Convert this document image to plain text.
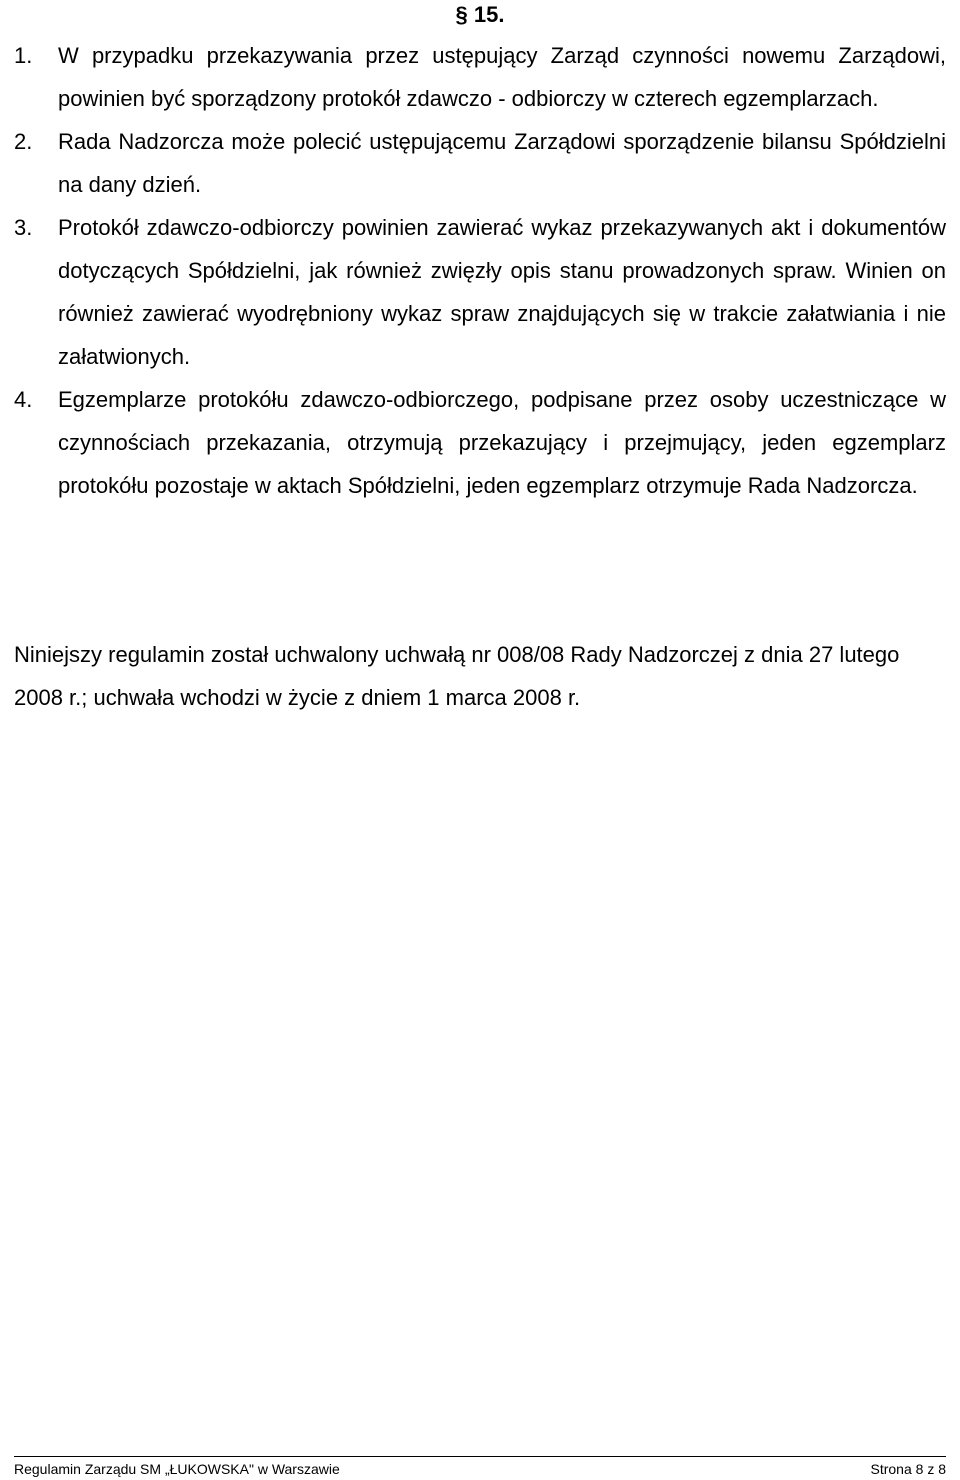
§ 15.
1. W przypadku przekazywania przez ustępujący Zarząd czynności nowemu Zarządowi, powinien być sporządzony protokół zdawczo - odbiorczy w czterech egzemplarzach.
2. Rada Nadzorcza może polecić ustępującemu Zarządowi sporządzenie bilansu Spółdzielni na dany dzień.
3. Protokół zdawczo-odbiorczy powinien zawierać wykaz przekazywanych akt i dokumentów dotyczących Spółdzielni, jak również zwięzły opis stanu prowadzonych spraw. Winien on również zawierać wyodrębniony wykaz spraw znajdujących się w trakcie załatwiania i nie załatwionych.
4. Egzemplarze protokółu zdawczo-odbiorczego, podpisane przez osoby uczestniczące w czynnościach przekazania, otrzymują przekazujący i przejmujący, jeden egzemplarz protokółu pozostaje w aktach Spółdzielni, jeden egzemplarz otrzymuje Rada Nadzorcza.

Niniejszy regulamin został uchwalony uchwałą nr 008/08 Rady Nadzorczej z dnia 27 lutego 2008 r.; uchwała wchodzi w życie z dniem 1 marca 2008 r.

Regulamin Zarządu SM „ŁUKOWSKA" w Warszawie	Strona 8 z 8
